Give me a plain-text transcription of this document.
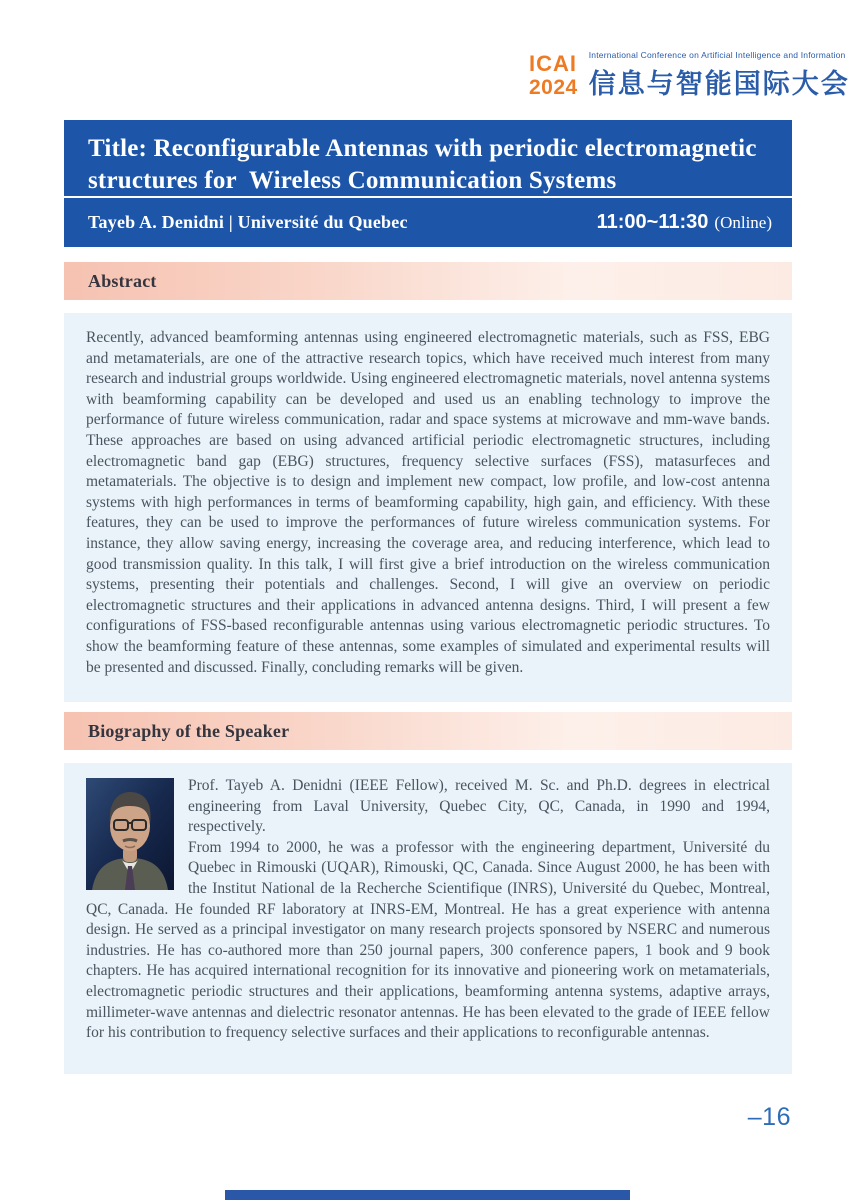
ICAI
2024
International Conference on Artificial Intelligence and Information
信息与智能国际大会
Title: Reconfigurable Antennas with periodic electromagnetic structures for  Wireless Communication Systems
Tayeb A. Denidni | Université du Quebec	11:00~11:30 (Online)
Abstract

Recently, advanced beamforming antennas using engineered electromagnetic materials, such as FSS, EBG and metamaterials, are one of the attractive research topics, which have received much interest from many research and industrial groups worldwide. Using engineered electromagnetic materials, novel antenna systems with beamforming capability can be developed and used us an enabling technology to improve the performance of future wireless communication, radar and space systems at microwave and mm-wave bands. These approaches are based on using advanced artificial periodic electromagnetic structures, including electromagnetic band gap (EBG) structures, frequency selective surfaces (FSS), matasurfeces and metamaterials. The objective is to design and implement new compact, low profile, and low-cost antenna systems with high performances in terms of beamforming capability, high gain, and efficiency. With these features, they can be used to improve the performances of future wireless communication systems. For instance, they allow saving energy, increasing the coverage area, and reducing interference, which lead to good transmission quality. In this talk, I will first give a brief introduction on the wireless communication systems, presenting their potentials and challenges. Second, I will give an overview on periodic electromagnetic structures and their applications in advanced antenna designs. Third, I will present a few configurations of FSS-based reconfigurable antennas using various electromagnetic periodic structures. To show the beamforming feature of these antennas, some examples of simulated and experimental results will be presented and discussed. Finally, concluding remarks will be given.

Biography of the Speaker

Prof. Tayeb A. Denidni (IEEE Fellow), received M. Sc. and Ph.D. degrees in electrical engineering from Laval University, Quebec City, QC, Canada, in 1990 and 1994, respectively.

From 1994 to 2000, he was a professor with the engineering department, Université du Quebec in Rimouski (UQAR), Rimouski, QC, Canada. Since August 2000, he has been with the Institut National de la Recherche Scientifique (INRS), Université du Quebec, Montreal, QC, Canada. He founded RF laboratory at INRS-EM, Montreal. He has a great experience with antenna design. He served as a principal investigator on many research projects sponsored by NSERC and numerous industries. He has co-authored more than 250 journal papers, 300 conference papers, 1 book and 9 book chapters. He has acquired international recognition for its innovative and pioneering work on metamaterials, electromagnetic periodic structures and their applications, beamforming antenna systems, adaptive arrays, millimeter-wave antennas and dielectric resonator antennas. He has been elevated to the grade of IEEE fellow for his contribution to frequency selective surfaces and their applications to reconfigurable antennas.

–16
